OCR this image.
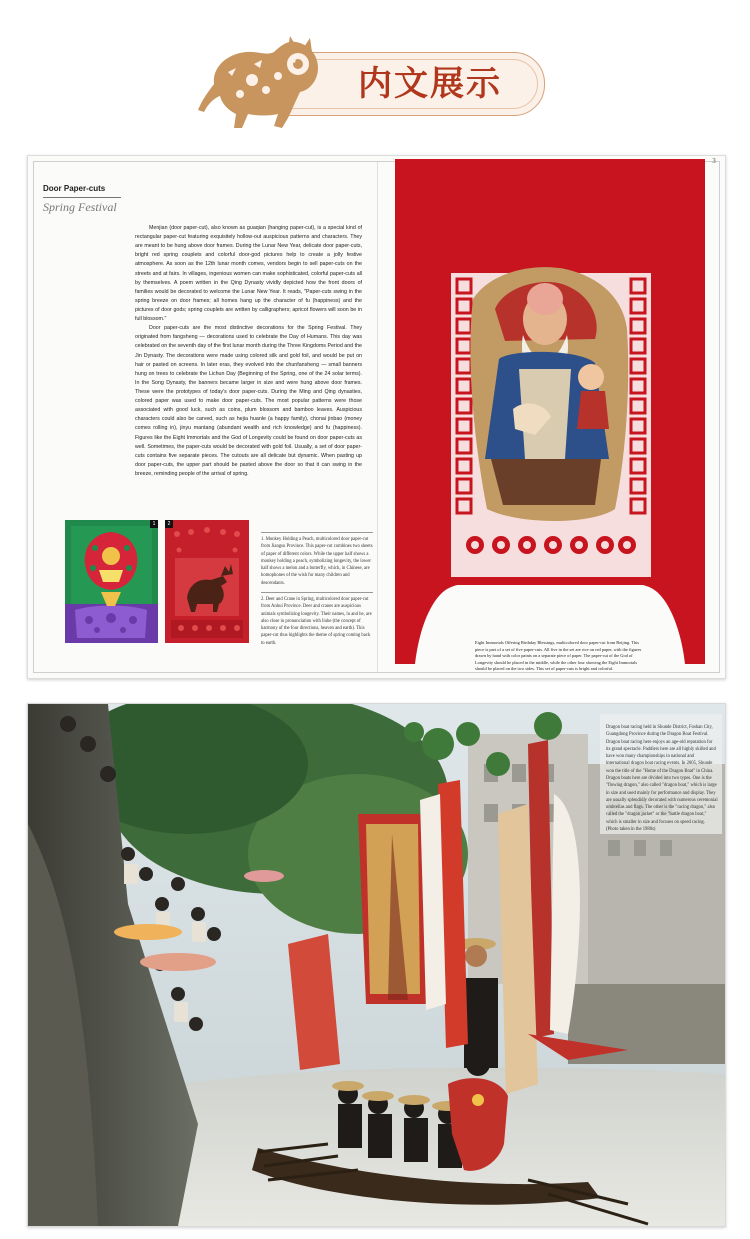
内文展示
3
Door Paper-cuts
Spring Festival

Menjian (door paper-cut), also known as guaqian (hanging paper-cut), is a special kind of rectangular paper-cut featuring exquisitely hollow-out auspicious patterns and characters. They are meant to be hung above door frames. During the Lunar New Year, delicate door paper-cuts, bright red spring couplets and colorful door-god pictures help to create a jolly festive atmosphere. As soon as the 12th lunar month comes, vendors begin to sell paper-cuts on the streets and at fairs. In villages, ingenious women can make sophisticated, colorful paper-cuts all by themselves. A poem written in the Qing Dynasty vividly depicted how the front doors of families would be decorated to welcome the Lunar New Year. It reads, "Paper-cuts swing in the spring breeze on door frames; all homes hang up the character of fu (happiness) and the pictures of door gods; spring couplets are written by calligraphers; apricot flowers will soon be in full blossom."

Door paper-cuts are the most distinctive decorations for the Spring Festival. They originated from fangsheng — decorations used to celebrate the Day of Humans. This day was celebrated on the seventh day of the first lunar month during the Three Kingdoms Period and the Jin Dynasty. The decorations were made using colored silk and gold foil, and would be put on hair or pasted on screens. In later eras, they evolved into the chunfansheng — small banners hung on trees to celebrate the Lichun Day (Beginning of the Spring, one of the 24 solar terms). In the Song Dynasty, the banners became larger in size and were hung above door frames. These were the prototypes of today's door paper-cuts. During the Ming and Qing dynasties, colored paper was used to make door paper-cuts. The most popular patterns were those associated with good luck, such as coins, plum blossom and bamboo leaves. Auspicious characters could also be carved, such as hejia huanle (a happy family), chonai jinbao (money comes rolling in), jinyu mantang (abundant wealth and rich knowledge) and fu (happiness). Figures like the Eight Immortals and the God of Longevity could be found on door paper-cuts as well. Sometimes, the paper-cuts would be decorated with gold foil. Usually, a set of door paper-cuts contains five separate pieces. The cutouts are all delicate but dynamic. When pasting up door paper-cuts, the upper part should be pasted above the door so that it can swing in the breeze, reminding people of the arrival of spring.

1	2

1. Monkey Holding a Peach, multicolored door paper-cut from Jiangsu Province. This paper-cut combines two sheets of paper of different colors. While the upper half shows a monkey holding a peach, symbolizing longevity, the lower half shows a melon and a butterfly, which, in Chinese, are homophones of the wish for many children and descendants.

2. Deer and Crane in Spring, multicolored door paper-cut from Anhui Province. Deer and cranes are auspicious animals symbolizing longevity. Their names, lu and he, are also close in pronunciation with liuhe (the concept of harmony of the four directions, heaven and earth). This paper-cut thus highlights the theme of spring coming back to earth.	Eight Immortals Offering Birthday Blessings, multicolored door paper-cut from Beijing. This piece is part of a set of five paper-cuts. All five in the set are rice on red paper, with the figures drawn by hand with color paints on a separate piece of paper. The paper-cut of the God of Longevity should be placed in the middle, while the other four showing the Eight Immortals should be placed on the two sides. This set of paper-cuts is bright and colorful.
Dragon boat racing held in Shunde District, Foshan City, Guangdong Province during the Dragon Boat Festival. Dragon boat racing here enjoys an age-old reputation for its grand spectacle. Paddlers here are all highly skilled and have won many championships in national and international dragon boat racing events. In 2005, Shunde won the title of the "Home of the Dragon Boat" in China. Dragon boats here are divided into two types. One is the "flowing dragon," also called "dragon boat," which is large in size and used mainly for performance and display. They are usually splendidly decorated with numerous ceremonial umbrellas and flags. The other is the "racing dragon," also called the "dragon jacket" or the "battle dragon boat," which is smaller in size and focuses on speed racing. (Photo taken in the 1980s)
